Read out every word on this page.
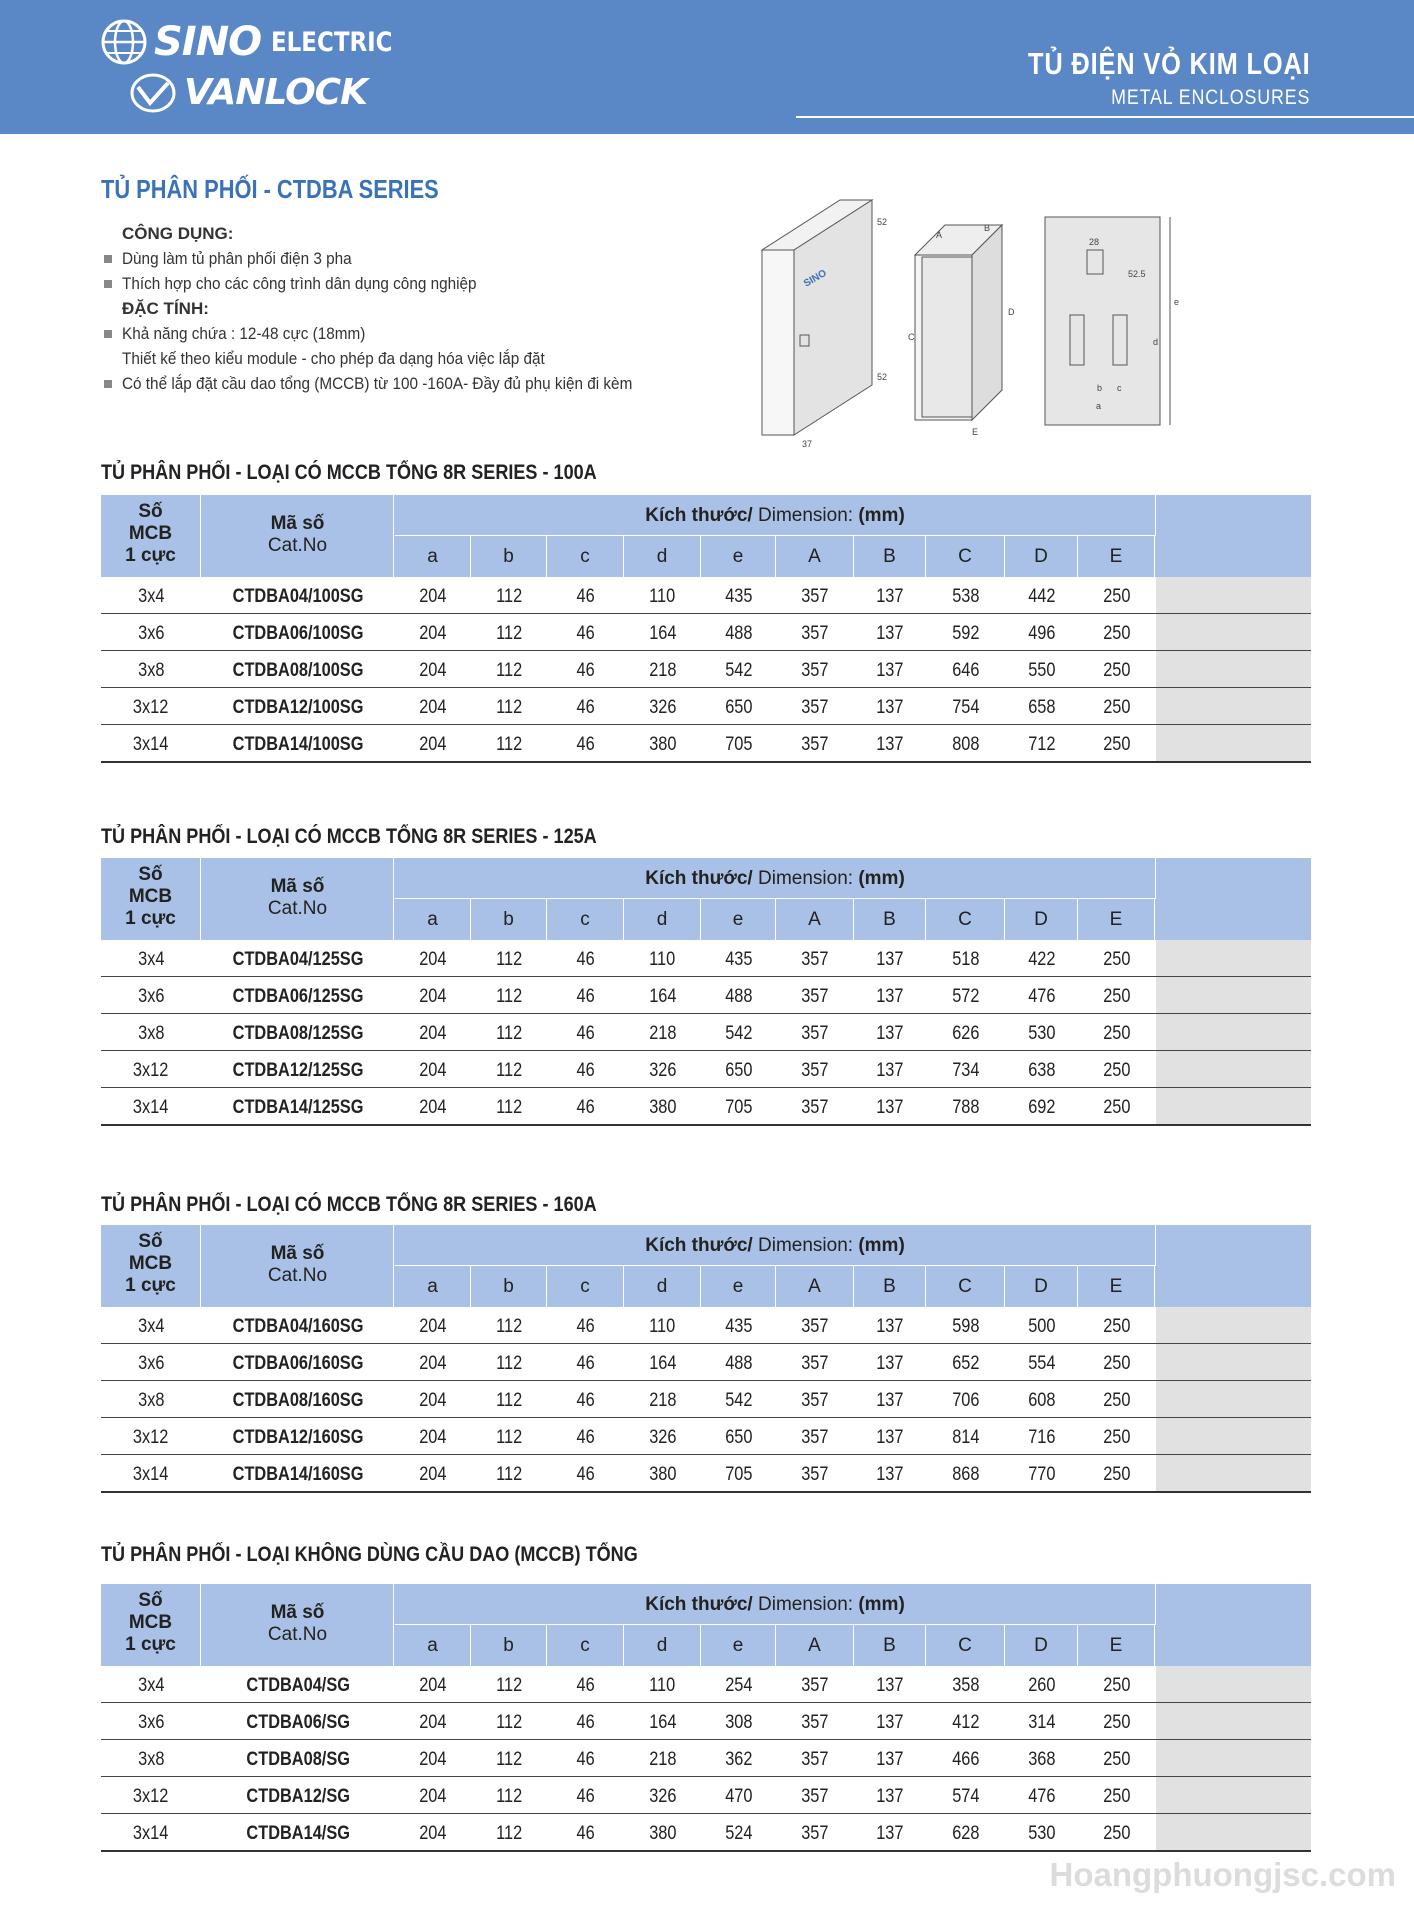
SINO ELECTRIC
VANLOCK
TỦ ĐIỆN VỎ KIM LOẠI
METAL ENCLOSURES
TỦ PHÂN PHỐI - CTDBA SERIES
CÔNG DỤNG:
Dùng làm tủ phân phối điện 3 pha
Thích hợp cho các công trình dân dụng công nghiệp
ĐẶC TÍNH:
Khả năng chứa : 12-48 cực (18mm)
Thiết kế theo kiểu module - cho phép đa dạng hóa việc lắp đặt
Có thể lắp đặt cầu dao tổng (MCCB) từ 100 -160A- Đầy đủ phụ kiện đi kèm
SINO
52
52
37
A
B
C
D
E
28
52.5
e
d
b c
a
TỦ PHÂN PHỐI - LOẠI CÓ MCCB TỔNG 8R SERIES - 100A
Số
MCB
1 cực
Mã số
Cat.No
Kích thước/ Dimension: (mm)
a	b	c	d	e	A	B	C	D	E
3x4	CTDBA04/100SG	204	112	46	110	435	357	137	538	442	250
3x6	CTDBA06/100SG	204	112	46	164	488	357	137	592	496	250
3x8	CTDBA08/100SG	204	112	46	218	542	357	137	646	550	250
3x12	CTDBA12/100SG	204	112	46	326	650	357	137	754	658	250
3x14	CTDBA14/100SG	204	112	46	380	705	357	137	808	712	250
TỦ PHÂN PHỐI - LOẠI CÓ MCCB TỔNG 8R SERIES - 125A
Số
MCB
1 cực
Mã số
Cat.No
Kích thước/ Dimension: (mm)
a	b	c	d	e	A	B	C	D	E
3x4	CTDBA04/125SG	204	112	46	110	435	357	137	518	422	250
3x6	CTDBA06/125SG	204	112	46	164	488	357	137	572	476	250
3x8	CTDBA08/125SG	204	112	46	218	542	357	137	626	530	250
3x12	CTDBA12/125SG	204	112	46	326	650	357	137	734	638	250
3x14	CTDBA14/125SG	204	112	46	380	705	357	137	788	692	250
TỦ PHÂN PHỐI - LOẠI CÓ MCCB TỔNG 8R SERIES - 160A
Số
MCB
1 cực
Mã số
Cat.No
Kích thước/ Dimension: (mm)
a	b	c	d	e	A	B	C	D	E
3x4	CTDBA04/160SG	204	112	46	110	435	357	137	598	500	250
3x6	CTDBA06/160SG	204	112	46	164	488	357	137	652	554	250
3x8	CTDBA08/160SG	204	112	46	218	542	357	137	706	608	250
3x12	CTDBA12/160SG	204	112	46	326	650	357	137	814	716	250
3x14	CTDBA14/160SG	204	112	46	380	705	357	137	868	770	250
TỦ PHÂN PHỐI - LOẠI KHÔNG DÙNG CẦU DAO (MCCB) TỔNG
Số
MCB
1 cực
Mã số
Cat.No
Kích thước/ Dimension: (mm)
a	b	c	d	e	A	B	C	D	E
3x4	CTDBA04/SG	204	112	46	110	254	357	137	358	260	250
3x6	CTDBA06/SG	204	112	46	164	308	357	137	412	314	250
3x8	CTDBA08/SG	204	112	46	218	362	357	137	466	368	250
3x12	CTDBA12/SG	204	112	46	326	470	357	137	574	476	250
3x14	CTDBA14/SG	204	112	46	380	524	357	137	628	530	250
Hoangphuongjsc.com
